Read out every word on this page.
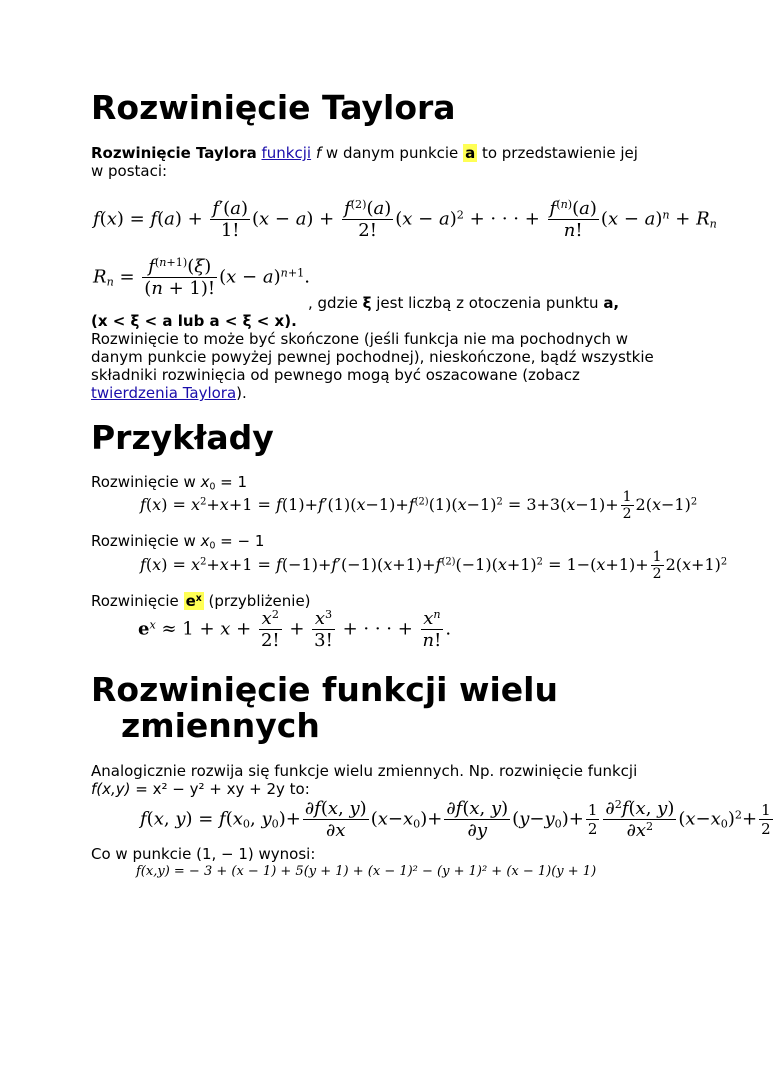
Rozwinięcie Taylora
Rozwinięcie Taylora funkcji f w danym punkcie a to przedstawienie jej
w postaci:
$f(x) = f(a) + \frac{f'(a)}{1!} (x - a) + \frac{f^{(2)}(a)}{2!} (x - a)^2$ + · · · + $\frac{f^{(n)}(a)}{n!} (x - a)^n + R_n$
$R_n = \frac{f^{(n+1)}(\xi)}{(n + 1)!} (x - a)^{n+1}$.
, gdzie ξ jest liczbą z otoczenia punktu a,
(x < ξ < a lub a < ξ < x).
Rozwinięcie to może być skończone (jeśli funkcja nie ma pochodnych w
danym punkcie powyżej pewnej pochodnej), nieskończone, bądź wszystkie
składniki rozwinięcia od pewnego mogą być oszacowane (zobacz
twierdzenia Taylora).
Przykłady
Rozwinięcie w $x_0 = 1$
$f(x) = x^2+x+1 = f(1)+f'(1)(x-1)+f^{(2)}(1)(x-1)^2 = 3+3(x-1)+ \frac{1}{2} 2(x-1)^2$
Rozwinięcie w $x_0$ = − 1
$f(x) = x^2+x+1 = f(-1)+f'(-1)(x+1)+f^{(2)}(-1)(x+1)^2 = 1-(x+1)+ \frac{1}{2} 2(x+1)^2$
Rozwinięcie $e^x$ (przybliżenie)
$e^x \approx 1 + x + \frac{x^2}{2!} + \frac{x^3}{3!}$ + · · · + $\frac{x^n}{n!}$ .
Rozwinięcie funkcji wielu
zmiennych
Analogicznie rozwija się funkcje wielu zmiennych. Np. rozwinięcie funkcji
f(x,y) = x² − y² + xy + 2y to:
f(x, $y) = f(x_0$, $y_0)+ \frac{\partial f(x, y)}{\partial x} (x-x_0)+ \frac{\partial f(x, y)}{\partial y} (y-y_0)+ \frac{1}{2} \frac{\partial^2f(x, y)}{\partial x^2} (x-x_0)^2+ \frac{1}{2}$
Co w punkcie (1, − 1) wynosi:
f(x,y) = − 3 + (x − 1) + 5(y + 1) + (x − 1)² − (y + 1)² + (x − 1)(y + 1)
